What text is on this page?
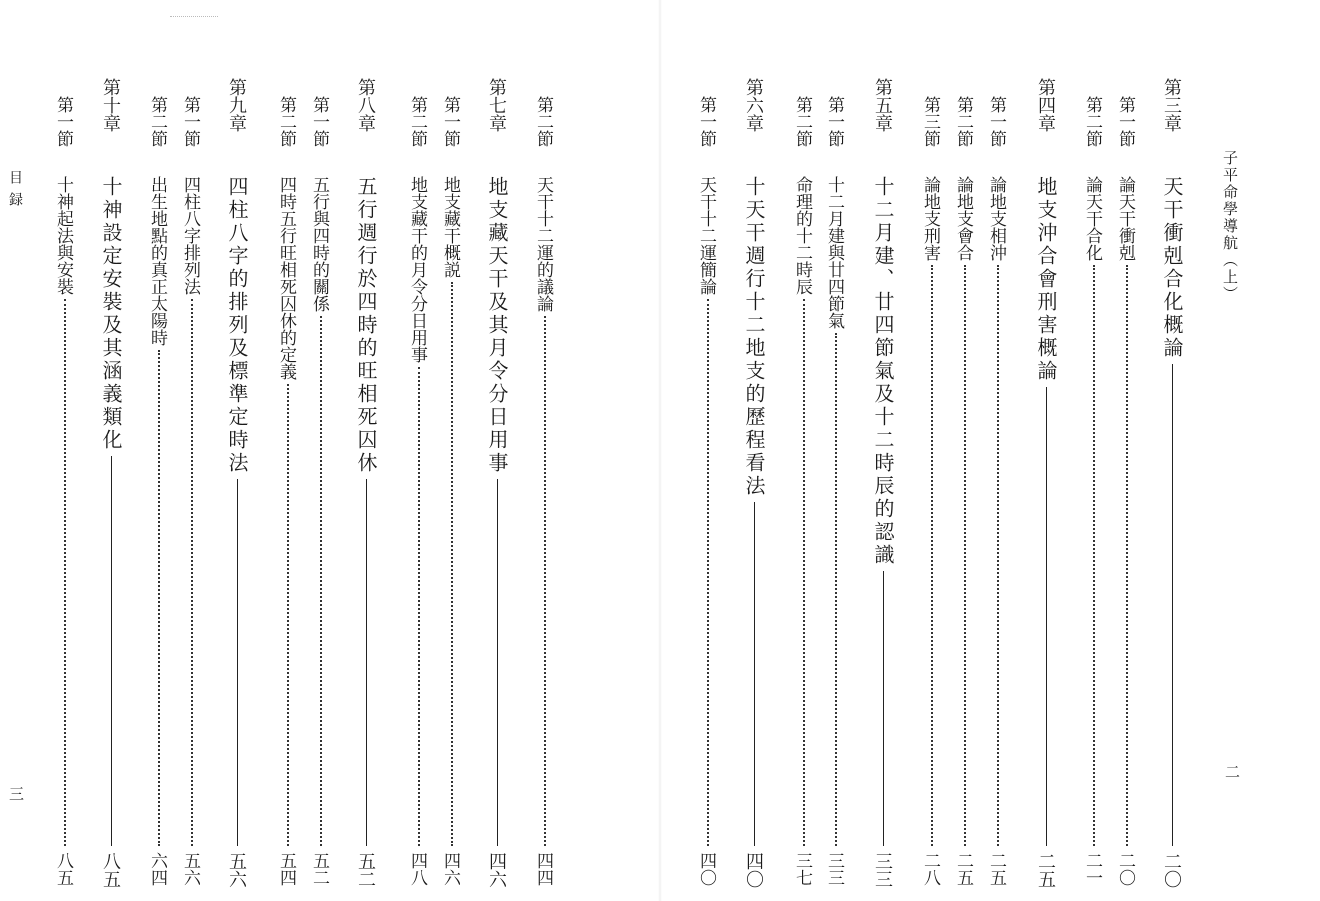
目録
三
第二節
天干十二運的議論
四四
第七章
地支藏天干及其月令分日用事
四六
第一節
地支藏干概説
四六
第二節
地支藏干的月令分日用事
四八
第八章
五行週行於四時的旺相死囚休
五二
第一節
五行與四時的關係
五二
第二節
四時五行旺相死囚休的定義
五四
第九章
四柱八字的排列及標準定時法
五六
第一節
四柱八字排列法
五六
第二節
出生地點的真正太陽時
六四
第十章
十神設定安裝及其涵義類化
八五
第一節
十神起法與安裝
八五
子平命學導航（上）
二
第三章
天干衝剋合化概論
二〇
第一節
論天干衝剋
二〇
第二節
論天干合化
二一
第四章
地支沖合會刑害概論
二五
第一節
論地支相沖
二五
第二節
論地支會合
二五
第三節
論地支刑害
二八
第五章
十二月建、廿四節氣及十二時辰的認識
三三
第一節
十二月建與廿四節氣
三三
第二節
命理的十二時辰
三七
第六章
十天干週行十二地支的歷程看法
四〇
第一節
天干十二運簡論
四〇
